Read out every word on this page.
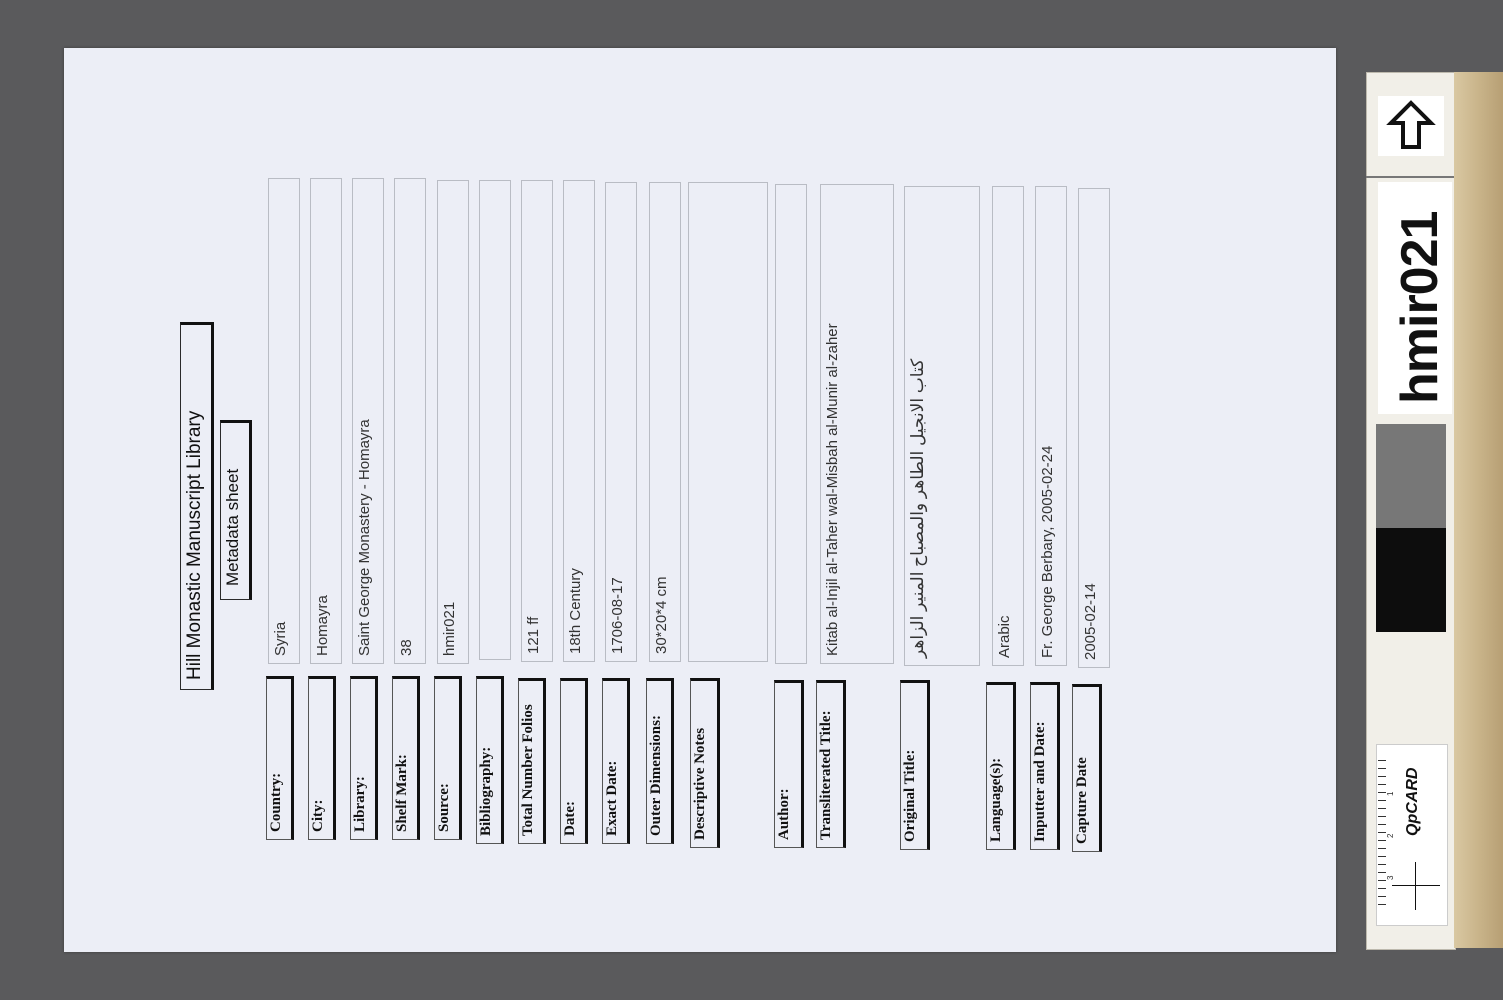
Hill Monastic Manuscript Library Metadata sheet
Country:
Syria
City:
Homayra
Library:
Saint George Monastery - Homayra
Shelf Mark:
38
Source:
hmir021
Bibliography: Total Number Folios
121 ff
Date:
18th Century
Exact Date:
1706-08-17
Outer Dimensions:
30*20*4 cm
Descriptive Notes	Author: Transliterated Title:
Kitab al-Injil al-Taher wal-Misbah al-Munir al-zaher
Original Title:
كتاب الانجيل الطاهر والمصباح المنير الزاهر
Language(s):
Arabic
Inputter and Date:
Fr. George Berbary, 2005-02-24
Capture Date
2005-02-14
hmir021
QpCARD
1
2
3
